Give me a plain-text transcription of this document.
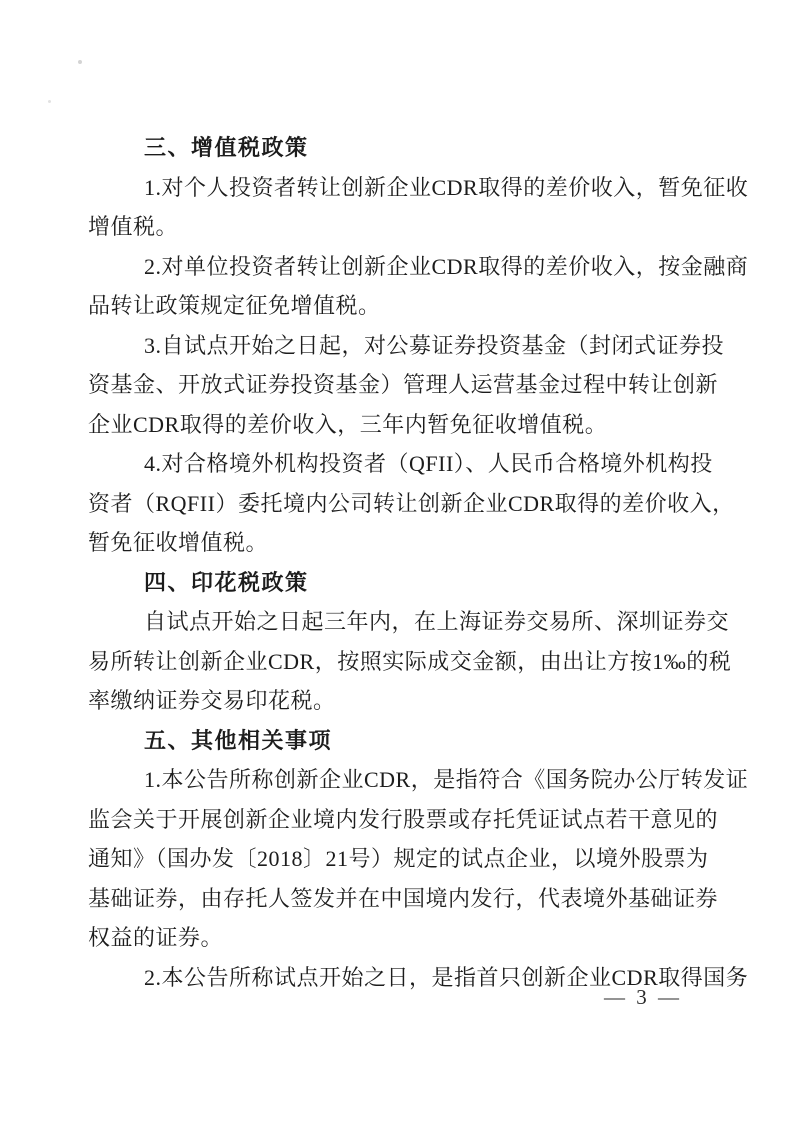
三、增值税政策
1.对个人投资者转让创新企业CDR取得的差价收入，暂免征收
增值税。
2.对单位投资者转让创新企业CDR取得的差价收入，按金融商
品转让政策规定征免增值税。
3.自试点开始之日起，对公募证券投资基金（封闭式证券投
资基金、开放式证券投资基金）管理人运营基金过程中转让创新
企业CDR取得的差价收入，三年内暂免征收增值税。
4.对合格境外机构投资者（QFII）、人民币合格境外机构投
资者（RQFII）委托境内公司转让创新企业CDR取得的差价收入，
暂免征收增值税。
四、印花税政策
自试点开始之日起三年内，在上海证券交易所、深圳证券交
易所转让创新企业CDR，按照实际成交金额，由出让方按1‰的税
率缴纳证券交易印花税。
五、其他相关事项
1.本公告所称创新企业CDR，是指符合《国务院办公厅转发证
监会关于开展创新企业境内发行股票或存托凭证试点若干意见的
通知》（国办发〔2018〕21号）规定的试点企业，以境外股票为
基础证券，由存托人签发并在中国境内发行，代表境外基础证券
权益的证券。
2.本公告所称试点开始之日，是指首只创新企业CDR取得国务
— 3 —
